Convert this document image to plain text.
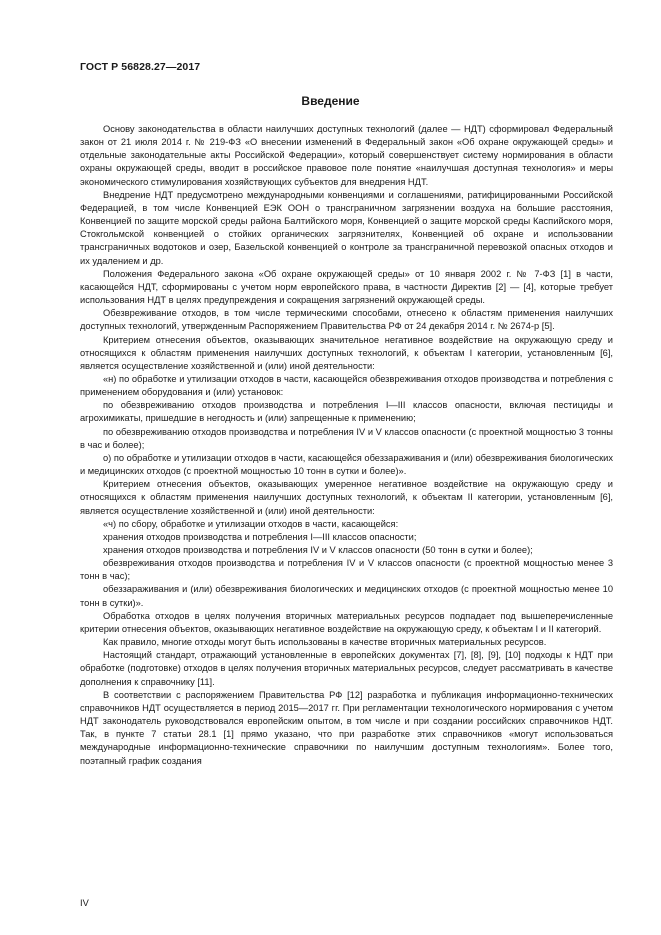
ГОСТ Р 56828.27—2017
Введение

Основу законодательства в области наилучших доступных технологий (далее — НДТ) сформировал Федеральный закон от 21 июля 2014 г. № 219-ФЗ «О внесении изменений в Федеральный закон «Об охране окружающей среды» и отдельные законодательные акты Российской Федерации», который совершенствует систему нормирования в области охраны окружающей среды, вводит в российское правовое поле понятие «наилучшая доступная технология» и меры экономического стимулирования хозяйствующих субъектов для внедрения НДТ.

Внедрение НДТ предусмотрено международными конвенциями и соглашениями, ратифицированными Российской Федерацией, в том числе Конвенцией ЕЭК ООН о трансграничном загрязнении воздуха на большие расстояния, Конвенцией по защите морской среды района Балтийского моря, Конвенцией о защите морской среды Каспийского моря, Стокгольмской конвенцией о стойких органических загрязнителях, Конвенцией об охране и использовании трансграничных водотоков и озер, Базельской конвенцией о контроле за трансграничной перевозкой опасных отходов и их удалением и др.

Положения Федерального закона «Об охране окружающей среды» от 10 января 2002 г. № 7-ФЗ [1] в части, касающейся НДТ, сформированы с учетом норм европейского права, в частности Директив [2] — [4], которые требует использования НДТ в целях предупреждения и сокращения загрязнений окружающей среды.

Обезвреживание отходов, в том числе термическими способами, отнесено к областям применения наилучших доступных технологий, утвержденным Распоряжением Правительства РФ от 24 декабря 2014 г. № 2674-р [5].

Критерием отнесения объектов, оказывающих значительное негативное воздействие на окружающую среду и относящихся к областям применения наилучших доступных технологий, к объектам I категории, установленным [6], является осуществление хозяйственной и (или) иной деятельности:

«н) по обработке и утилизации отходов в части, касающейся обезвреживания отходов производства и потребления с применением оборудования и (или) установок:

по обезвреживанию отходов производства и потребления I—III классов опасности, включая пестициды и агрохимикаты, пришедшие в негодность и (или) запрещенные к применению;

по обезвреживанию отходов производства и потребления IV и V классов опасности (с проектной мощностью 3 тонны в час и более);

о) по обработке и утилизации отходов в части, касающейся обеззараживания и (или) обезвреживания биологических и медицинских отходов (с проектной мощностью 10 тонн в сутки и более)».

Критерием отнесения объектов, оказывающих умеренное негативное воздействие на окружающую среду и относящихся к областям применения наилучших доступных технологий, к объектам II категории, установленным [6], является осуществление хозяйственной и (или) иной деятельности:

«ч) по сбору, обработке и утилизации отходов в части, касающейся:

хранения отходов производства и потребления I—III классов опасности;

хранения отходов производства и потребления IV и V классов опасности (50 тонн в сутки и более);

обезвреживания отходов производства и потребления IV и V классов опасности (с проектной мощностью менее 3 тонн в час);

обеззараживания и (или) обезвреживания биологических и медицинских отходов (с проектной мощностью менее 10 тонн в сутки)».

Обработка отходов в целях получения вторичных материальных ресурсов подпадает под вышеперечисленные критерии отнесения объектов, оказывающих негативное воздействие на окружающую среду, к объектам I и II категорий.

Как правило, многие отходы могут быть использованы в качестве вторичных материальных ресурсов.

Настоящий стандарт, отражающий установленные в европейских документах [7], [8], [9], [10] подходы к НДТ при обработке (подготовке) отходов в целях получения вторичных материальных ресурсов, следует рассматривать в качестве дополнения к справочнику [11].

В соответствии с распоряжением Правительства РФ [12] разработка и публикация информационно-технических справочников НДТ осуществляется в период 2015—2017 гг. При регламентации технологического нормирования с учетом НДТ законодатель руководствовался европейским опытом, в том числе и при создании российских справочников НДТ. Так, в пункте 7 статьи 28.1 [1] прямо указано, что при разработке этих справочников «могут использоваться международные информационно-технические справочники по наилучшим доступным технологиям». Более того, поэтапный график создания

IV
